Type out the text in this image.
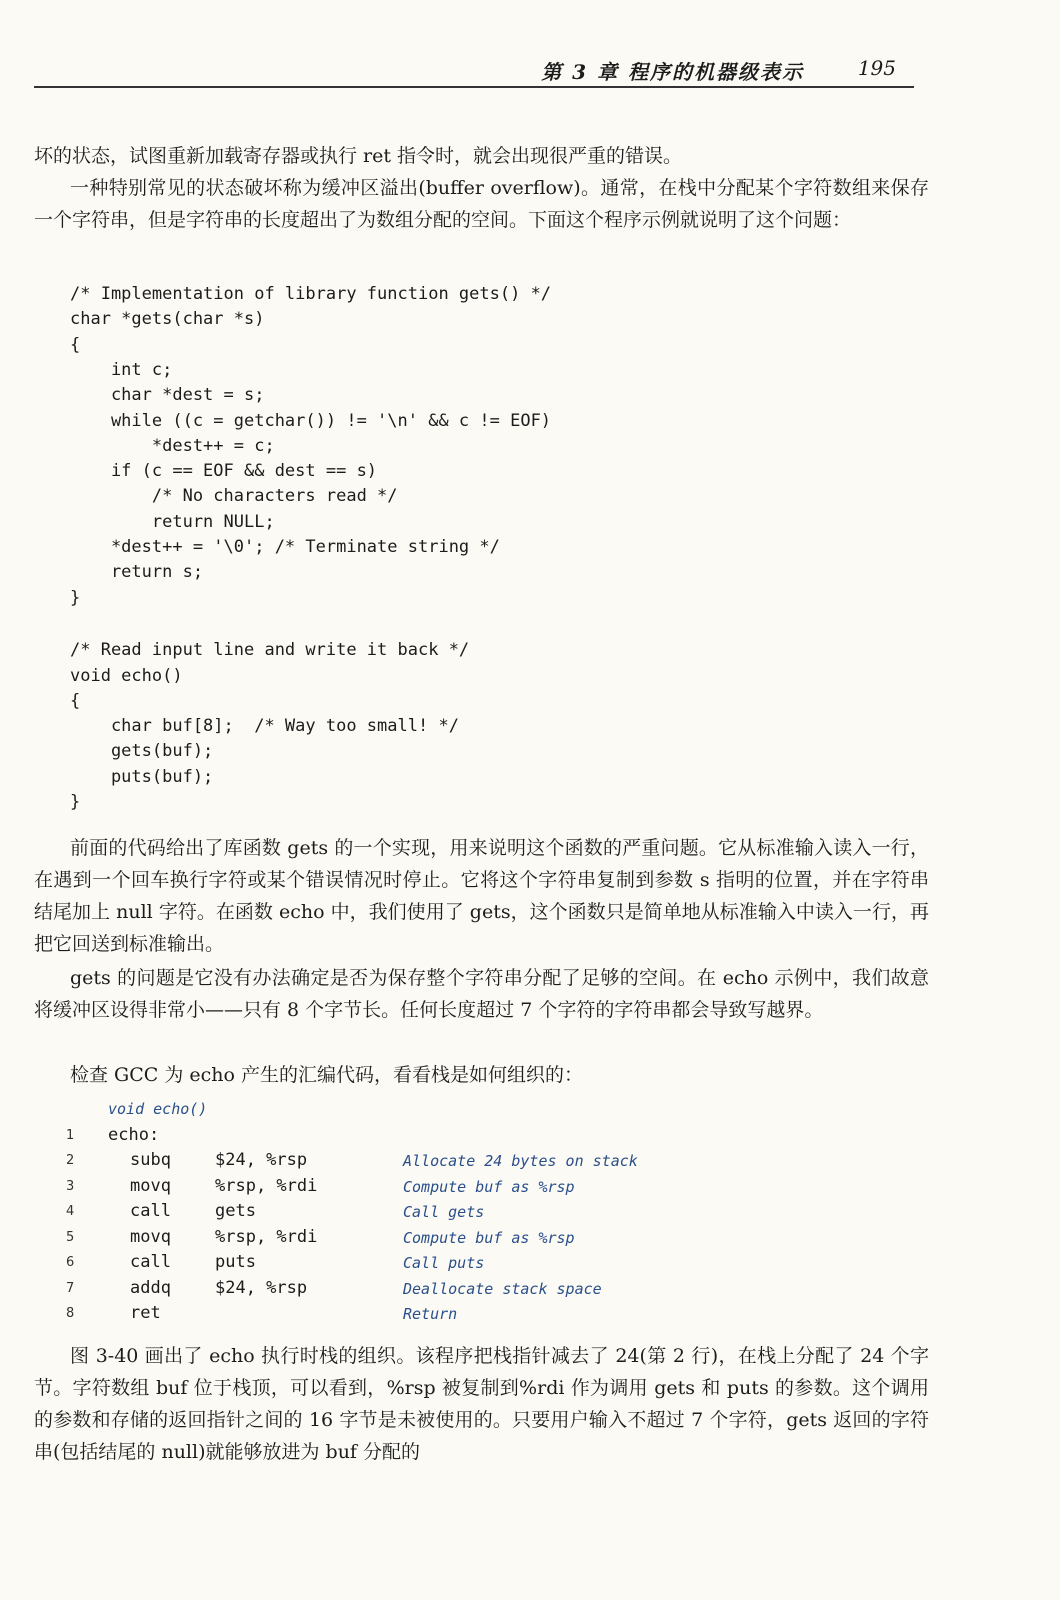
第 3 章 程序的机器级表示	195

坏的状态，试图重新加载寄存器或执行 ret 指令时，就会出现很严重的错误。

一种特别常见的状态破坏称为缓冲区溢出(buffer overflow)。通常，在栈中分配某个字符数组来保存一个字符串，但是字符串的长度超出了为数组分配的空间。下面这个程序示例就说明了这个问题：

/* Implementation of library function gets() */
char *gets(char *s)
{
int c;
char *dest = s;
while ((c = getchar()) != '\n' && c != EOF)
*dest++ = c;
if (c == EOF && dest == s)
/* No characters read */
return NULL;
*dest++ = '\0'; /* Terminate string */
return s;
}
/* Read input line and write it back */
void echo()
{
char buf[8];  /* Way too small! */
gets(buf);
puts(buf);
}

前面的代码给出了库函数 gets 的一个实现，用来说明这个函数的严重问题。它从标准输入读入一行，在遇到一个回车换行字符或某个错误情况时停止。它将这个字符串复制到参数 s 指明的位置，并在字符串结尾加上 null 字符。在函数 echo 中，我们使用了 gets，这个函数只是简单地从标准输入中读入一行，再把它回送到标准输出。

gets 的问题是它没有办法确定是否为保存整个字符串分配了足够的空间。在 echo 示例中，我们故意将缓冲区设得非常小——只有 8 个字节长。任何长度超过 7 个字符的字符串都会导致写越界。

检查 GCC 为 echo 产生的汇编代码，看看栈是如何组织的：

void echo()
1	echo:
2	subq	$24, %rsp	Allocate 24 bytes on stack
3	movq	%rsp, %rdi	Compute buf as %rsp
4	call	gets	Call gets
5	movq	%rsp, %rdi	Compute buf as %rsp
6	call	puts	Call puts
7	addq	$24, %rsp	Deallocate stack space
8	ret	Return

图 3-40 画出了 echo 执行时栈的组织。该程序把栈指针减去了 24(第 2 行)，在栈上分配了 24 个字节。字符数组 buf 位于栈顶，可以看到，%rsp 被复制到%rdi 作为调用 gets 和 puts 的参数。这个调用的参数和存储的返回指针之间的 16 字节是未被使用的。只要用户输入不超过 7 个字符，gets 返回的字符串(包括结尾的 null)就能够放进为 buf 分配的
